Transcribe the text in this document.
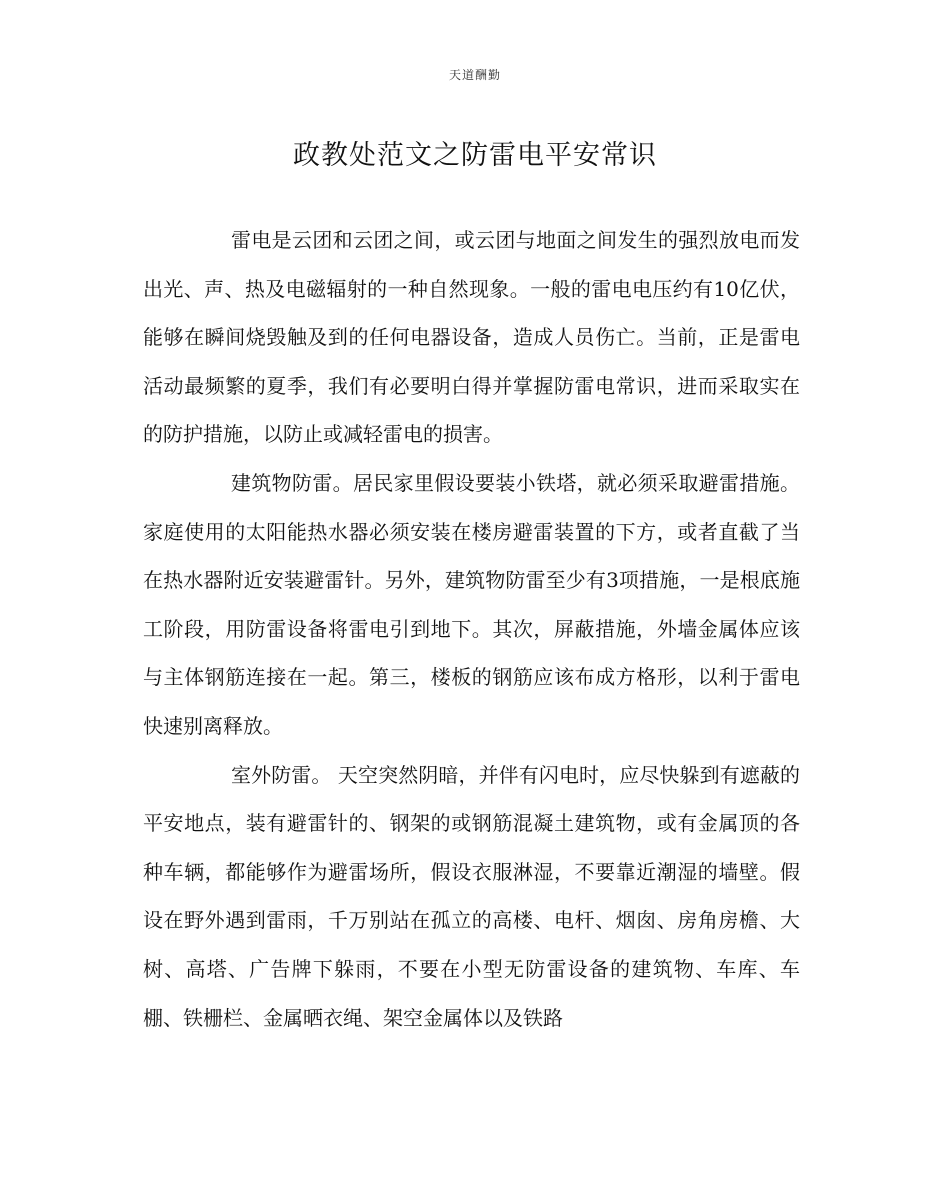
天道酬勤
政教处范文之防雷电平安常识

雷电是云团和云团之间，或云团与地面之间发生的强烈放电而发出光、声、热及电磁辐射的一种自然现象。一般的雷电电压约有10亿伏，能够在瞬间烧毁触及到的任何电器设备，造成人员伤亡。当前，正是雷电活动最频繁的夏季，我们有必要明白得并掌握防雷电常识，进而采取实在的防护措施，以防止或减轻雷电的损害。

建筑物防雷。居民家里假设要装小铁塔，就必须采取避雷措施。家庭使用的太阳能热水器必须安装在楼房避雷装置的下方，或者直截了当在热水器附近安装避雷针。另外，建筑物防雷至少有3项措施，一是根底施工阶段，用防雷设备将雷电引到地下。其次，屏蔽措施，外墙金属体应该与主体钢筋连接在一起。第三，楼板的钢筋应该布成方格形，以利于雷电快速别离释放。

室外防雷。 天空突然阴暗，并伴有闪电时，应尽快躲到有遮蔽的平安地点，装有避雷针的、钢架的或钢筋混凝土建筑物，或有金属顶的各种车辆，都能够作为避雷场所，假设衣服淋湿，不要靠近潮湿的墙壁。假设在野外遇到雷雨，千万别站在孤立的高楼、电杆、烟囱、房角房檐、大树、高塔、广告牌下躲雨，不要在小型无防雷设备的建筑物、车库、车棚、铁栅栏、金属晒衣绳、架空金属体以及铁路
